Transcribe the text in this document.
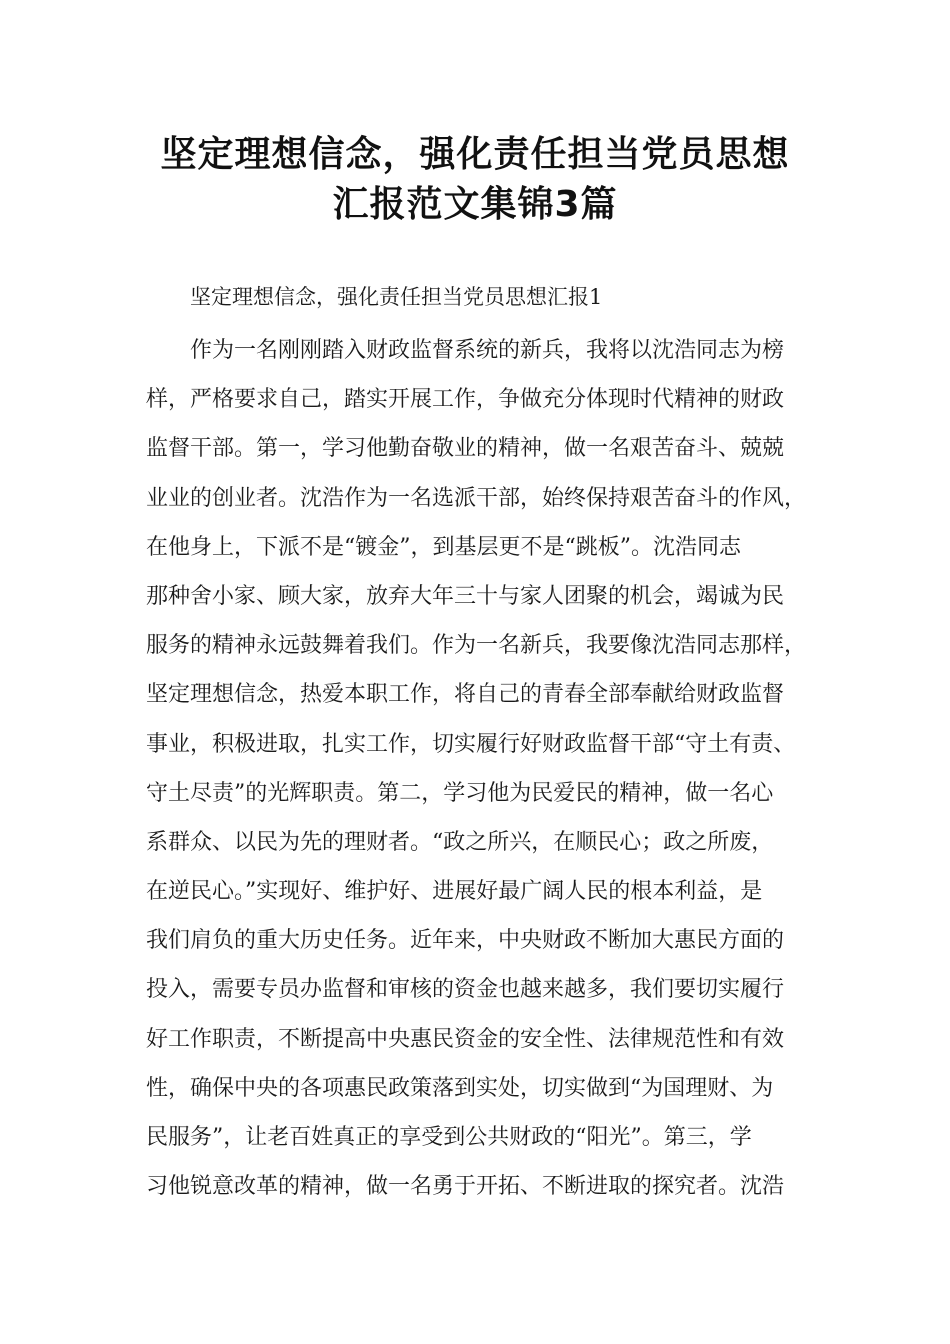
坚定理想信念，强化责任担当党员思想
汇报范文集锦3篇

坚定理想信念，强化责任担当党员思想汇报1

作为一名刚刚踏入财政监督系统的新兵，我将以沈浩同志为榜
样，严格要求自己，踏实开展工作，争做充分体现时代精神的财政
监督干部。第一，学习他勤奋敬业的精神，做一名艰苦奋斗、兢兢
业业的创业者。沈浩作为一名选派干部，始终保持艰苦奋斗的作风，
在他身上，下派不是“镀金”，到基层更不是“跳板”。沈浩同志
那种舍小家、顾大家，放弃大年三十与家人团聚的机会，竭诚为民
服务的精神永远鼓舞着我们。作为一名新兵，我要像沈浩同志那样，
坚定理想信念，热爱本职工作，将自己的青春全部奉献给财政监督
事业，积极进取，扎实工作，切实履行好财政监督干部“守土有责、
守土尽责”的光辉职责。第二，学习他为民爱民的精神，做一名心
系群众、以民为先的理财者。“政之所兴，在顺民心；政之所废，
在逆民心。”实现好、维护好、进展好最广阔人民的根本利益，是
我们肩负的重大历史任务。近年来，中央财政不断加大惠民方面的
投入，需要专员办监督和审核的资金也越来越多，我们要切实履行
好工作职责，不断提高中央惠民资金的安全性、法律规范性和有效
性，确保中央的各项惠民政策落到实处，切实做到“为国理财、为
民服务”，让老百姓真正的享受到公共财政的“阳光”。第三，学
习他锐意改革的精神，做一名勇于开拓、不断进取的探究者。沈浩
